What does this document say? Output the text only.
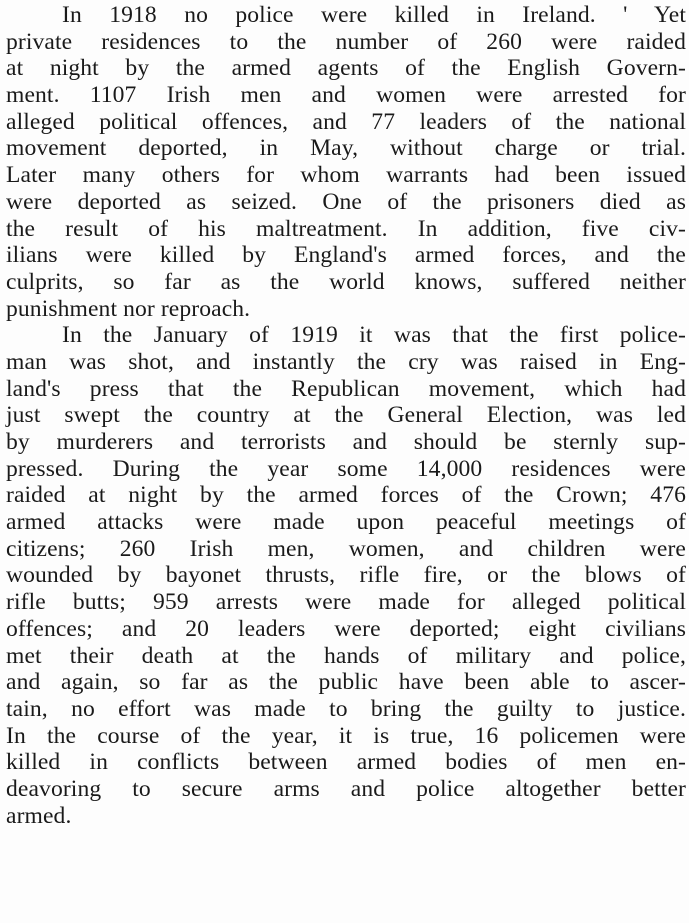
In 1918 no police were killed in Ireland. ' Yet
private residences to the number of 260 were raided
at night by the armed agents of the English Govern-
ment. 1107 Irish men and women were arrested for
alleged political offences, and 77 leaders of the national
movement deported, in May, without charge or trial.
Later many others for whom warrants had been issued
were deported as seized. One of the prisoners died as
the result of his maltreatment. In addition, five civ-
ilians were killed by England's armed forces, and the
culprits, so far as the world knows, suffered neither
punishment nor reproach.
In the January of 1919 it was that the first police-
man was shot, and instantly the cry was raised in Eng-
land's press that the Republican movement, which had
just swept the country at the General Election, was led
by murderers and terrorists and should be sternly sup-
pressed. During the year some 14,000 residences were
raided at night by the armed forces of the Crown; 476
armed attacks were made upon peaceful meetings of
citizens; 260 Irish men, women, and children were
wounded by bayonet thrusts, rifle fire, or the blows of
rifle butts; 959 arrests were made for alleged political
offences; and 20 leaders were deported; eight civilians
met their death at the hands of military and police,
and again, so far as the public have been able to ascer-
tain, no effort was made to bring the guilty to justice.
In the course of the year, it is true, 16 policemen were
killed in conflicts between armed bodies of men en-
deavoring to secure arms and police altogether better
armed.
